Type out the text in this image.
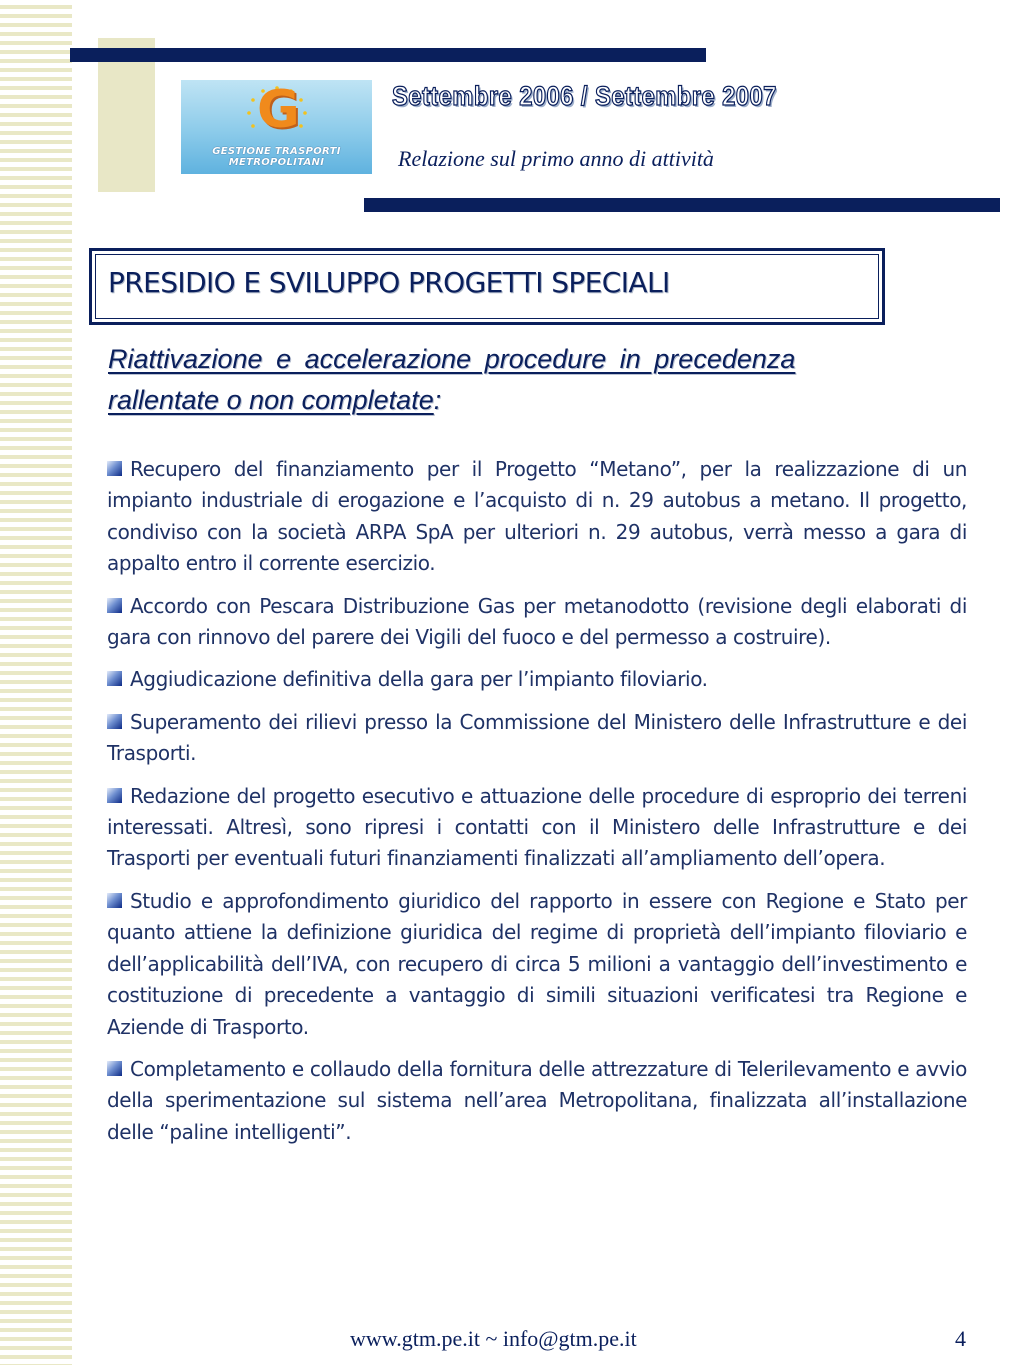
GESTIONE TRASPORTI
METROPOLITANI
G	Settembre 2006 / Settembre 2007
Relazione sul primo anno di attività
PRESIDIO E SVILUPPO PROGETTI SPECIALI
Riattivazione e accelerazione procedure in precedenza
rallentate o non completate:

Recupero del finanziamento per il Progetto “Metano”, per la realizzazione di un impianto industriale di erogazione e l’acquisto di n. 29 autobus a metano. Il progetto, condiviso con la società ARPA SpA per ulteriori n. 29 autobus, verrà messo a gara di appalto entro il corrente esercizio.

Accordo con Pescara Distribuzione Gas per metanodotto (revisione degli elaborati di gara con rinnovo del parere dei Vigili del fuoco e del permesso a costruire).

Aggiudicazione definitiva della gara per l’impianto filoviario.

Superamento dei rilievi presso la Commissione del Ministero delle Infrastrutture e dei Trasporti.

Redazione del progetto esecutivo e attuazione delle procedure di esproprio dei terreni interessati. Altresì, sono ripresi i contatti con il Ministero delle Infrastrutture e dei Trasporti per eventuali futuri finanziamenti finalizzati all’ampliamento dell’opera.

Studio e approfondimento giuridico del rapporto in essere con Regione e Stato per quanto attiene la definizione giuridica del regime di proprietà dell’impianto filoviario e dell’applicabilità dell’IVA, con recupero di circa 5 milioni a vantaggio dell’investimento e costituzione di precedente a vantaggio di simili situazioni verificatesi tra Regione e Aziende di Trasporto.

Completamento e collaudo della fornitura delle attrezzature di Telerilevamento e avvio della sperimentazione sul sistema nell’area Metropolitana, finalizzata all’installazione delle “paline intelligenti”.

www.gtm.pe.it ~ info@gtm.pe.it	4
